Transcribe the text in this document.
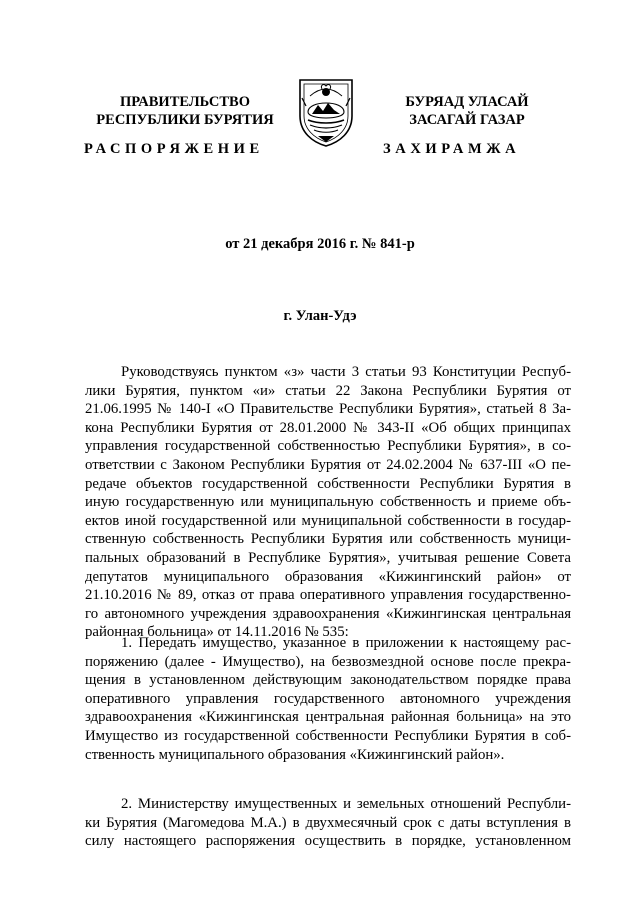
ПРАВИТЕЛЬСТВО
РЕСПУБЛИКИ БУРЯТИЯ
БУРЯАД УЛАСАЙ
ЗАСАГАЙ ГАЗАР
РАСПОРЯЖЕНИЕ	ЗАХИРАМЖА
от 21 декабря 2016 г. № 841-р
г. Улан-Удэ
Руководствуясь пунктом «з» части 3 статьи 93 Конституции Респуб-
лики Бурятия, пунктом «и» статьи 22 Закона Республики Бурятия от
21.06.1995 № 140-I «О Правительстве Республики Бурятия», статьей 8 За-
кона Республики Бурятия от 28.01.2000 № 343-II «Об общих принципах
управления государственной собственностью Республики Бурятия», в со-
ответствии с Законом Республики Бурятия от 24.02.2004 № 637-III «О пе-
редаче объектов государственной собственности Республики Бурятия в
иную государственную или муниципальную собственность и приеме объ-
ектов иной государственной или муниципальной собственности в государ-
ственную собственность Республики Бурятия или собственность муници-
пальных образований в Республике Бурятия», учитывая решение Совета
депутатов муниципального образования «Кижингинский район» от
21.10.2016 № 89, отказ от права оперативного управления государственно-
го автономного учреждения здравоохранения «Кижингинская центральная
районная больница» от 14.11.2016 № 535:
1. Передать имущество, указанное в приложении к настоящему рас-
поряжению (далее - Имущество), на безвозмездной основе после прекра-
щения в установленном действующим законодательством порядке права
оперативного управления государственного автономного учреждения
здравоохранения «Кижингинская центральная районная больница» на это
Имущество из государственной собственности Республики Бурятия в соб-
ственность муниципального образования «Кижингинский район».
2. Министерству имущественных и земельных отношений Республи-
ки Бурятия (Магомедова М.А.) в двухмесячный срок с даты вступления в
силу настоящего распоряжения осуществить в порядке, установленном
